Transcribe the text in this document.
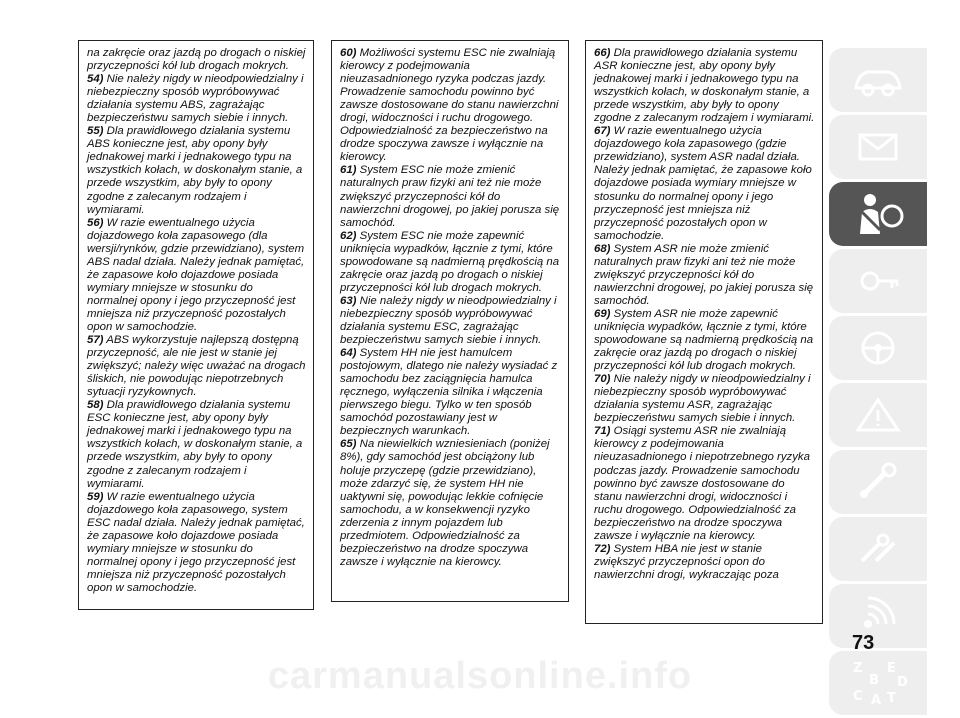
na zakręcie oraz jazdą po drogach o niskiej przyczepności kół lub drogach mokrych.

54) Nie należy nigdy w nieodpowiedzialny i niebezpieczny sposób wypróbowywać działania systemu ABS, zagrażając bezpieczeństwu samych siebie i innych.

55) Dla prawidłowego działania systemu ABS konieczne jest, aby opony były jednakowej marki i jednakowego typu na wszystkich kołach, w doskonałym stanie, a przede wszystkim, aby były to opony zgodne z zalecanym rodzajem i wymiarami.

56) W razie ewentualnego użycia dojazdowego koła zapasowego (dla wersji/rynków, gdzie przewidziano), system ABS nadal działa. Należy jednak pamiętać, że zapasowe koło dojazdowe posiada wymiary mniejsze w stosunku do normalnej opony i jego przyczepność jest mniejsza niż przyczepność pozostałych opon w samochodzie.

57) ABS wykorzystuje najlepszą dostępną przyczepność, ale nie jest w stanie jej zwiększyć; należy więc uważać na drogach śliskich, nie powodując niepotrzebnych sytuacji ryzykownych.

58) Dla prawidłowego działania systemu ESC konieczne jest, aby opony były jednakowej marki i jednakowego typu na wszystkich kołach, w doskonałym stanie, a przede wszystkim, aby były to opony zgodne z zalecanym rodzajem i wymiarami.

59) W razie ewentualnego użycia dojazdowego koła zapasowego, system ESC nadal działa. Należy jednak pamiętać, że zapasowe koło dojazdowe posiada wymiary mniejsze w stosunku do normalnej opony i jego przyczepność jest mniejsza niż przyczepność pozostałych opon w samochodzie.

60) Możliwości systemu ESC nie zwalniają kierowcy z podejmowania nieuzasadnionego ryzyka podczas jazdy. Prowadzenie samochodu powinno być zawsze dostosowane do stanu nawierzchni drogi, widoczności i ruchu drogowego. Odpowiedzialność za bezpieczeństwo na drodze spoczywa zawsze i wyłącznie na kierowcy.

61) System ESC nie może zmienić naturalnych praw fizyki ani też nie może zwiększyć przyczepności kół do nawierzchni drogowej, po jakiej porusza się samochód.

62) System ESC nie może zapewnić uniknięcia wypadków, łącznie z tymi, które spowodowane są nadmierną prędkością na zakręcie oraz jazdą po drogach o niskiej przyczepności kół lub drogach mokrych.

63) Nie należy nigdy w nieodpowiedzialny i niebezpieczny sposób wypróbowywać działania systemu ESC, zagrażając bezpieczeństwu samych siebie i innych.

64) System HH nie jest hamulcem postojowym, dlatego nie należy wysiadać z samochodu bez zaciągnięcia hamulca ręcznego, wyłączenia silnika i włączenia pierwszego biegu. Tylko w ten sposób samochód pozostawiany jest w bezpiecznych warunkach.

65) Na niewielkich wzniesieniach (poniżej 8%), gdy samochód jest obciążony lub holuje przyczepę (gdzie przewidziano), może zdarzyć się, że system HH nie uaktywni się, powodując lekkie cofnięcie samochodu, a w konsekwencji ryzyko zderzenia z innym pojazdem lub przedmiotem. Odpowiedzialność za bezpieczeństwo na drodze spoczywa zawsze i wyłącznie na kierowcy.

66) Dla prawidłowego działania systemu ASR konieczne jest, aby opony były jednakowej marki i jednakowego typu na wszystkich kołach, w doskonałym stanie, a przede wszystkim, aby były to opony zgodne z zalecanym rodzajem i wymiarami.

67) W razie ewentualnego użycia dojazdowego koła zapasowego (gdzie przewidziano), system ASR nadal działa. Należy jednak pamiętać, że zapasowe koło dojazdowe posiada wymiary mniejsze w stosunku do normalnej opony i jego przyczepność jest mniejsza niż przyczepność pozostałych opon w samochodzie.

68) System ASR nie może zmienić naturalnych praw fizyki ani też nie może zwiększyć przyczepności kół do nawierzchni drogowej, po jakiej porusza się samochód.

69) System ASR nie może zapewnić uniknięcia wypadków, łącznie z tymi, które spowodowane są nadmierną prędkością na zakręcie oraz jazdą po drogach o niskiej przyczepności kół lub drogach mokrych.

70) Nie należy nigdy w nieodpowiedzialny i niebezpieczny sposób wypróbowywać działania systemu ASR, zagrażając bezpieczeństwu samych siebie i innych.

71) Osiągi systemu ASR nie zwalniają kierowcy z podejmowania nieuzasadnionego i niepotrzebnego ryzyka podczas jazdy. Prowadzenie samochodu powinno być zawsze dostosowane do stanu nawierzchni drogi, widoczności i ruchu drogowego. Odpowiedzialność za bezpieczeństwo na drodze spoczywa zawsze i wyłącznie na kierowcy.

72) System HBA nie jest w stanie zwiększyć przyczepności opon do nawierzchni drogi, wykraczając poza

Z E
B D
C A T
73
carmanualsonline.info
